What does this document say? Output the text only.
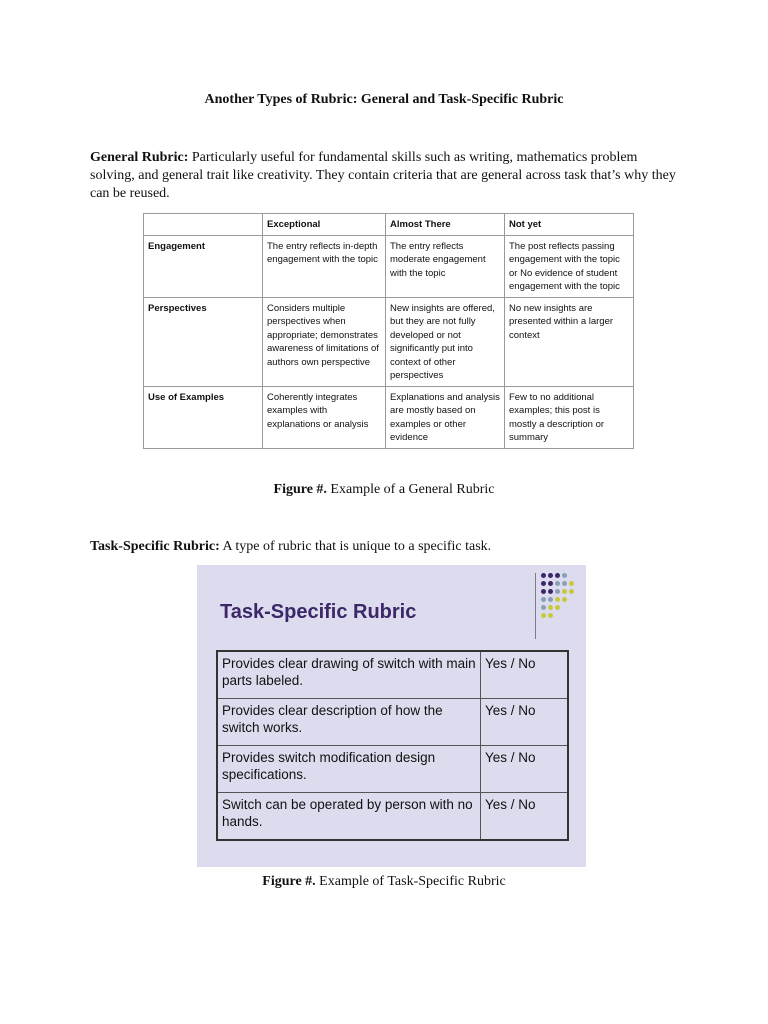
Another Types of Rubric: General and Task-Specific Rubric

General Rubric: Particularly useful for fundamental skills such as writing, mathematics problem solving, and general trait like creativity. They contain criteria that are general across task that’s why they can be reused.

	Exceptional	Almost There	Not yet
Engagement	The entry reflects in-depth engagement with the topic	The entry reflects moderate engagement with the topic	The post reflects passing engagement with the topic or No evidence of student engagement with the topic
Perspectives	Considers multiple perspectives when appropriate; demonstrates awareness of limitations of authors own perspective	New insights are offered, but they are not fully developed or not significantly put into context of other perspectives	No new insights are presented within a larger context
Use of Examples	Coherently integrates examples with explanations or analysis	Explanations and analysis are mostly based on examples or other evidence	Few to no additional examples; this post is mostly a description or summary

Figure #. Example of a General Rubric

Task-Specific Rubric: A type of rubric that is unique to a specific task.

Task-Specific Rubric
Provides clear drawing of switch with main parts labeled.	Yes / No
Provides clear description of how the switch works.	Yes / No
Provides switch modification design specifications.	Yes / No
Switch can be operated by person with no hands.	Yes / No

Figure #. Example of Task-Specific Rubric
